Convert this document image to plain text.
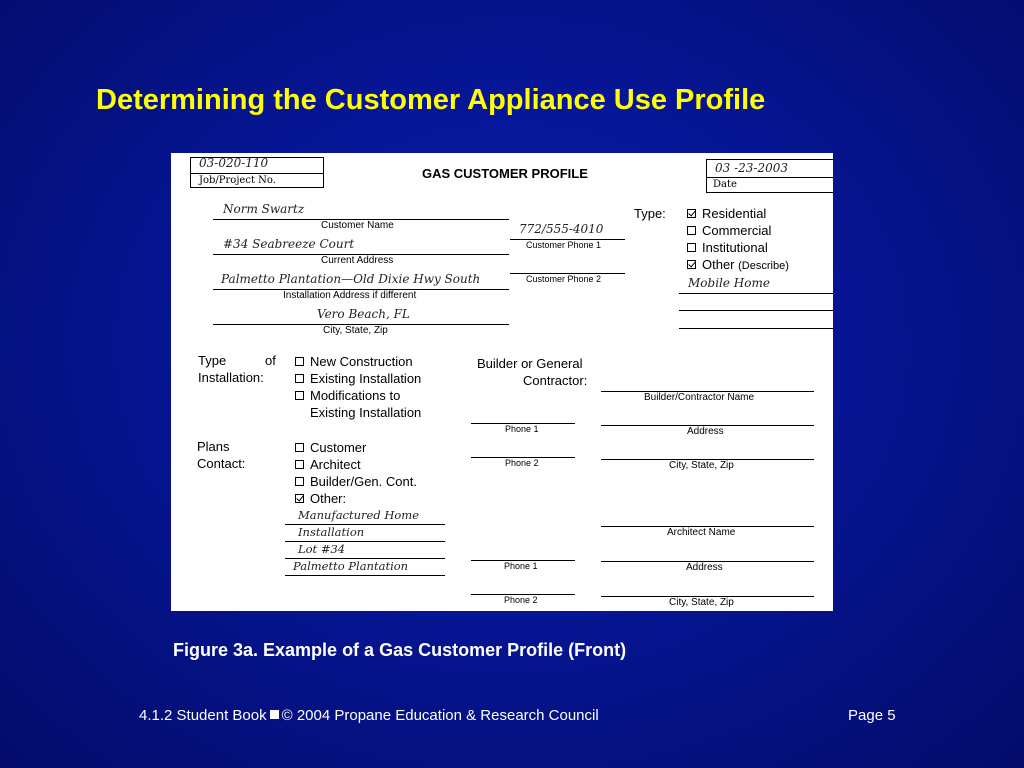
Determining the Customer Appliance Use Profile
03-020-110
Job/Project No.	GAS CUSTOMER PROFILE	03 -23-2003
Date
Norm Swartz
Customer Name
#34 Seabreeze Court
Current Address
Palmetto Plantation—Old Dixie Hwy South
Installation Address if different
Vero Beach, FL
City, State, Zip
772/555-4010
Customer Phone 1
Customer Phone 2
Type:	Residential
Commercial
Institutional
Other (Describe)
Mobile Home
Type	of
Installation:
New Construction
Existing Installation
Modifications to
Existing Installation
Builder or General
Contractor:
Builder/Contractor Name
Phone 1	Address
Phone 2	City, State, Zip
Plans
Contact:
Customer
Architect
Builder/Gen. Cont.
Other:
Manufactured Home
Installation
Lot #34
Palmetto Plantation
Architect Name
Phone 1	Address
Phone 2	City, State, Zip
Figure 3a. Example of a Gas Customer Profile (Front)
4.1.2 Student Book © 2004 Propane Education & Research Council	Page 5
